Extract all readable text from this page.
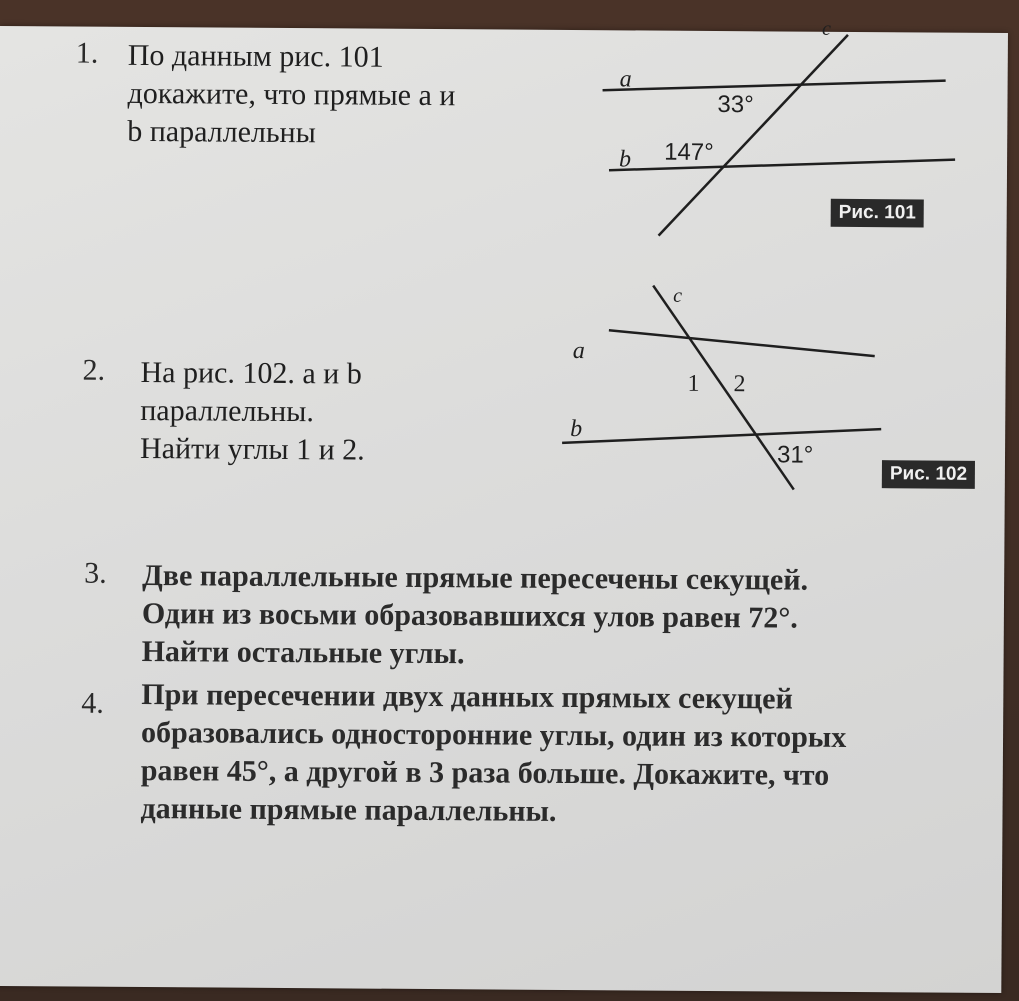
1. По данным рис. 101
докажите, что прямые а и
b параллельны
a
b
c
33°
147°
Рис. 101
2. На рис. 102. а и b
параллельны.
Найти углы 1 и 2.
a
b
c
1 2
31°
Рис. 102
3. Две параллельные прямые пересечены секущей.
Один из восьми образовавшихся улов равен 72°.
Найти остальные углы.
4. При пересечении двух данных прямых секущей
образовались односторонние углы, один из которых
равен 45°, а другой в 3 раза больше. Докажите, что
данные прямые параллельны.
